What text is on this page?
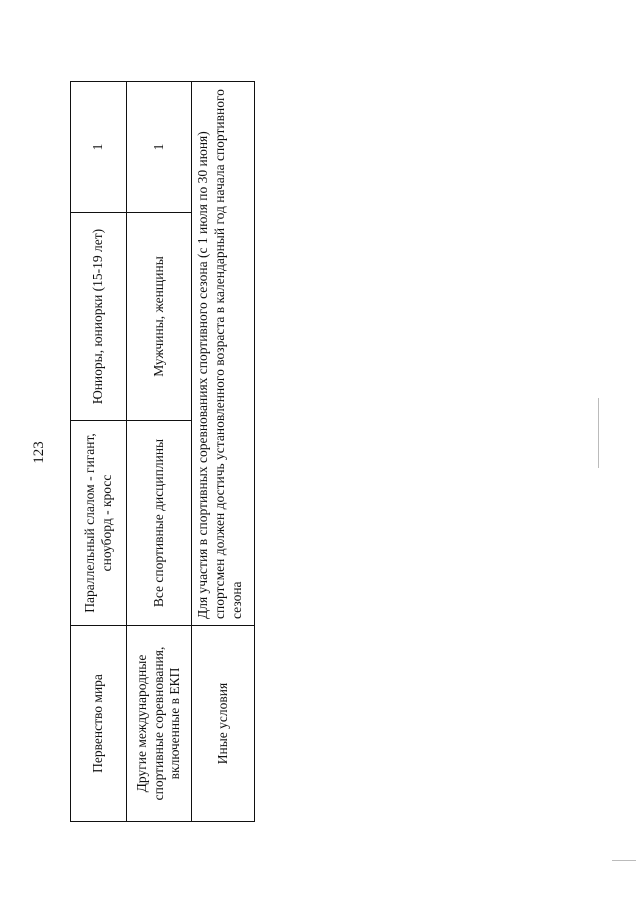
123
Первенство мира	Параллельный слалом - гигант, сноуборд - кросс	Юниоры, юниорки (15-19 лет)	1
Другие международные спортивные соревнования, включенные в ЕКП	Все спортивные дисциплины	Мужчины, женщины	1
Иные условия	Для участия в спортивных соревнованиях спортивного сезона (с 1 июля по 30 июня) спортсмен должен достичь установленного возраста в календарный год начала спортивного сезона		
